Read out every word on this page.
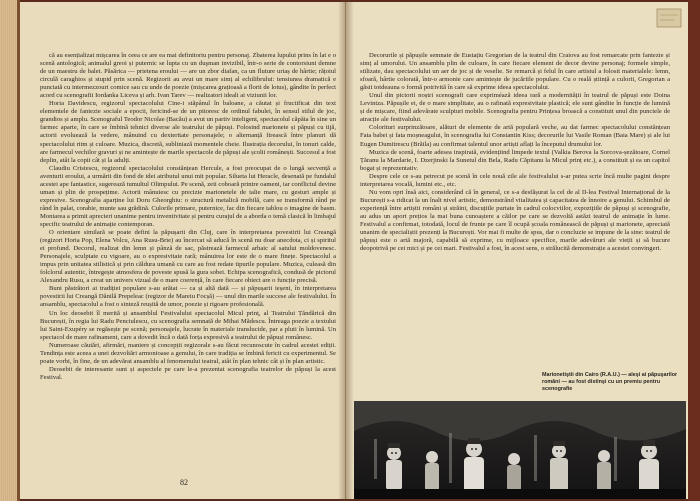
că au esențializat mișcarea în ceea ce are ea mai definitoriu pentru personaj. Zbaterea lupului prins în lat e o scenă antologică; animalul greoi și puternic se lupta cu un duşman invizibil, într-o serie de contorsiuni demne de un maestru de balet. Păsărica — prietena eroului — are un zbor diafan, ca un fluture uriaș de hârtie; rățoiul circulă caraghios și stupid prin scenă. Regizorii au avut un mare simț al echilibrului: tensiunea dramatică e punctată cu intermezzouri comice sau cu unde de poezie (mișcarea grațioasă a florii de lotus), gândite în perfect acord cu scenografii Iordanka Liceva și arh. Ivan Tarev — realizatori ideali ai viziunii lor.

Horia Davidescu, regizorul spectacolului Cine-i stăpânul în baloane, a căutat și fructificat din text elementele de fantezie sociale a epocii, fericind-se de un pitoresc de ordinul fabulei, în sensul stilul de joc, grandios și amplu. Scenograful Teodor Nicolae (Bacău) a avut un partiv inteligent, spectacolul căpăta în sine un farmec aparte, în care se îmbină tehnici diverse ale teatrului de păpuși. Folosind marionete și păpuși cu tijă, actorii evoluează la vedere, mânuind cu dexteritate personajele; o alternanță firească între planuri dă spectacolului ritm și culoare. Muzica, discretă, subliniază momentele cheie. Ilustrația decorului, în tonuri calde, are farmecul vechilor gravuri și ne amintește de marile spectacole de păpuși ale școlii românești. Succesul a fost deplin, atât la copii cât și la adulți.

Claudiu Cristescu, regizorul spectacolului constănțean Hercule, a fost preocupat de o lungă secvență a aventurii eroului, a urmărit din fond de idei atributul unui mit popular. Silueta lui Heracle, desenată pe fundalul acestei ape fantastice, sugerează tumultul Olimpului. Pe scenă, zeii coboară printre oameni, iar conflictul devine uman și plin de prospețime. Actorii mânuiesc cu precizie marionetele de talie mare, cu gesturi ample și expresive. Scenografia aparține lui Doru Gheorghiu: o structură metalică mobilă, care se transformă rând pe rând în palat, corabie, munte sau grădină. Culorile primare, puternice, fac din fiecare tablou o imagine de basm. Montarea a primit aprecieri unanime pentru inventivitate și pentru curajul de a aborda o temă clasică în limbajul specific teatrului de animație contemporan.

O orientare similară se poate defini la păpușarii din Cluj, care în interpretarea povestirii lui Creangă (regizori Horia Pop, Elena Volcu, Ana Rusu-Brie) au încercat să aducă în scenă nu doar anecdota, ci și spiritul ei profund. Decorul, realizat din lemn și pânză de sac, păstrează farmecul arhaic al satului moldovenesc. Personajele, sculptate cu vigoare, au o expresivitate rară; mânuirea lor este de o mare finețe. Spectacolul a impus prin unitatea stilistică și prin căldura umană cu care au fost redate tipurile populare. Muzica, culeasă din folclorul autentic, întregește atmosfera de poveste spusă la gura sobei. Echipa scenografică, condusă de pictorul Alexandru Rusu, a creat un univers vizual de o mare coerență, în care fiecare obiect are o funcție precisă.

Buni păstrători ai tradiției populare s-au arătat — ca și altă dată — și păpușarii ieșeni, în interpretarea povestirii lui Creangă Dănilă Prepeleac (regizor de Mareiu Focșă) — unul din marile succese ale festivalului. În ansamblu, spectacolul a fost o sinteză reușită de umor, poezie și rigoare profesională.

Un loc deosebit îl merită și ansamblul Festivalului spectacolul Micul prinț, al Teatrului Țăndărică din București, în regia lui Radu Penciulescu, cu scenografia semnată de Mihai Mădescu. Întreaga poezie a textului lui Saint-Exupéry se regăsește pe scenă; personajele, lucrate în materiale translucide, par a pluti în lumină. Un spectacol de mare rafinament, care a dovedit încă o dată forța expresivă a teatrului de păpuși românesc.

Numeroase căutări, afirmări, maniere și concepții regizorale s-au făcut recunoscute în cadrul acestei ediții. Tendința este aceea a unei dezvoltări armonioase a genului, în care tradiția se îmbină fericit cu experimentul. Se poate vorbi, în fine, de un adevărat ansamblu al fenomenului teatral, atât în plan tehnic cât și în plan artistic.

Deosebit de interesante sunt și aspectele pe care le-a prezentat scenografia teatrelor de păpuși la acest Festival.

82

Decorurile și păpușile semnate de Eustațiu Gregorian de la teatrul din Craiova au fost remarcate prin fantezie și simț al umorului. Un ansamblu plin de culoare, în care fiecare element de decor devine personaj; formele simple, stilizate, dau spectacolului un aer de joc și de veselie. Se remarcă și felul în care artistul a folosit materialele: lemn, sfoară, hârtie colorată, într-o armonie care amintește de jucăriile populare. Cu o reală știință a culorii, Gregorian a găsit totdeauna o formă potrivită în care să exprime ideea spectacolului.

Unul din pictorii noștri scenografi care expriméază ideea rară a modernității în teatrul de păpuși este Doina Levintza. Păpușile ei, de o mare simplitate, au o rafinată expresivitate plastică; ele sunt gândite în funcție de lumină și de mișcare, fiind adevărate sculpturi mobile. Scenografia pentru Prințesa broască a constituit unul din punctele de atracție ale festivalului.

Colorituri surprinzătoare, alături de elemente de artă populară veche, au dat farmec spectacolului constănțean Fata babei și fata moșneagului, în scenografia lui Constantin Kiss; decorurile lui Vasile Roman (Baia Mare) și ale lui Eugen Dumitrescu (Brăila) au confirmat talentul unor artiști aflați la începutul drumului lor.

Muzica de scenă, foarte adesea inspirată, evidențiind limpede textul (Valkia Berova la Sorcova-șezătoare, Cornel Țăranu la Mardarie, I. Dzerjinski la Sunetul din Bela, Radu Căpitanu la Micul prinț etc.), a constituit și ea un capitol bogat și reprezentativ.

Despre cele ce s-au petrecut pe scenă în cele nouă zile ale festivalului s-ar putea scrie încă multe pagini despre interpretarea vocală, lumini etc., etc.

Nu vom opri însă aici, considerând că în general, ce s-a desfășurat la cel de al II-lea Festival Internațional de la București s-a ridicat la un înalt nivel artistic, demonstrând vitalitatea și capacitatea de înnoire a genului. Schimbul de experiență între artiștii români și străini, discuțiile purtate în cadrul colocviilor, expozițiile de păpuși și scenografie, au adus un aport prețios la mai buna cunoaștere a căilor pe care se dezvoltă astăzi teatrul de animație în lume. Festivalul a confirmat, totodată, locul de frunte pe care îl ocupă școala românească de păpuși și marionete, apreciată unanim de specialiștii prezenți la București. Vor mai fi multe de spus, dar o concluzie se impune de la sine: teatrul de păpuși este o artă majoră, capabilă să exprime, cu mijloace specifice, marile adevăruri ale vieții și să bucure deopotrivă pe cei mici și pe cei mari. Festivalul a fost, în acest sens, o strălucită demonstrație a acestei convingeri.

Marionetiştii din Cairo (R.A.U.) — aleşi ai păpuşarilor români — au fost distinşi cu un premiu pentru scenografie
